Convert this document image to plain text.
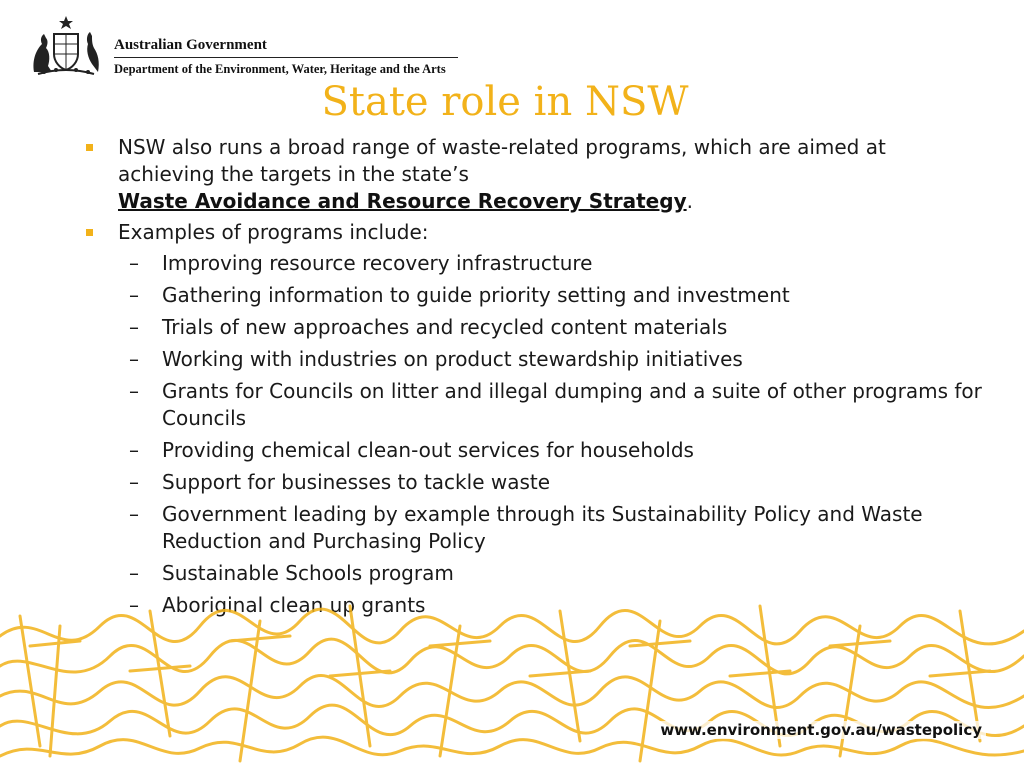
Australian Government
Department of the Environment, Water, Heritage and the Arts
State role in NSW
NSW also runs a broad range of waste-related programs, which are aimed at achieving the targets in the state’s
Waste Avoidance and Resource Recovery Strategy.
Examples of programs include:
– Improving resource recovery infrastructure
– Gathering information to guide priority setting and investment
– Trials of new approaches and recycled content materials
– Working with industries on product stewardship initiatives
– Grants for Councils on litter and illegal dumping and a suite of other programs for Councils
– Providing chemical clean-out services for households
– Support for businesses to tackle waste
– Government leading by example through its Sustainability Policy and Waste Reduction and Purchasing Policy
– Sustainable Schools program
– Aboriginal clean up grants
www.environment.gov.au/wastepolicy
